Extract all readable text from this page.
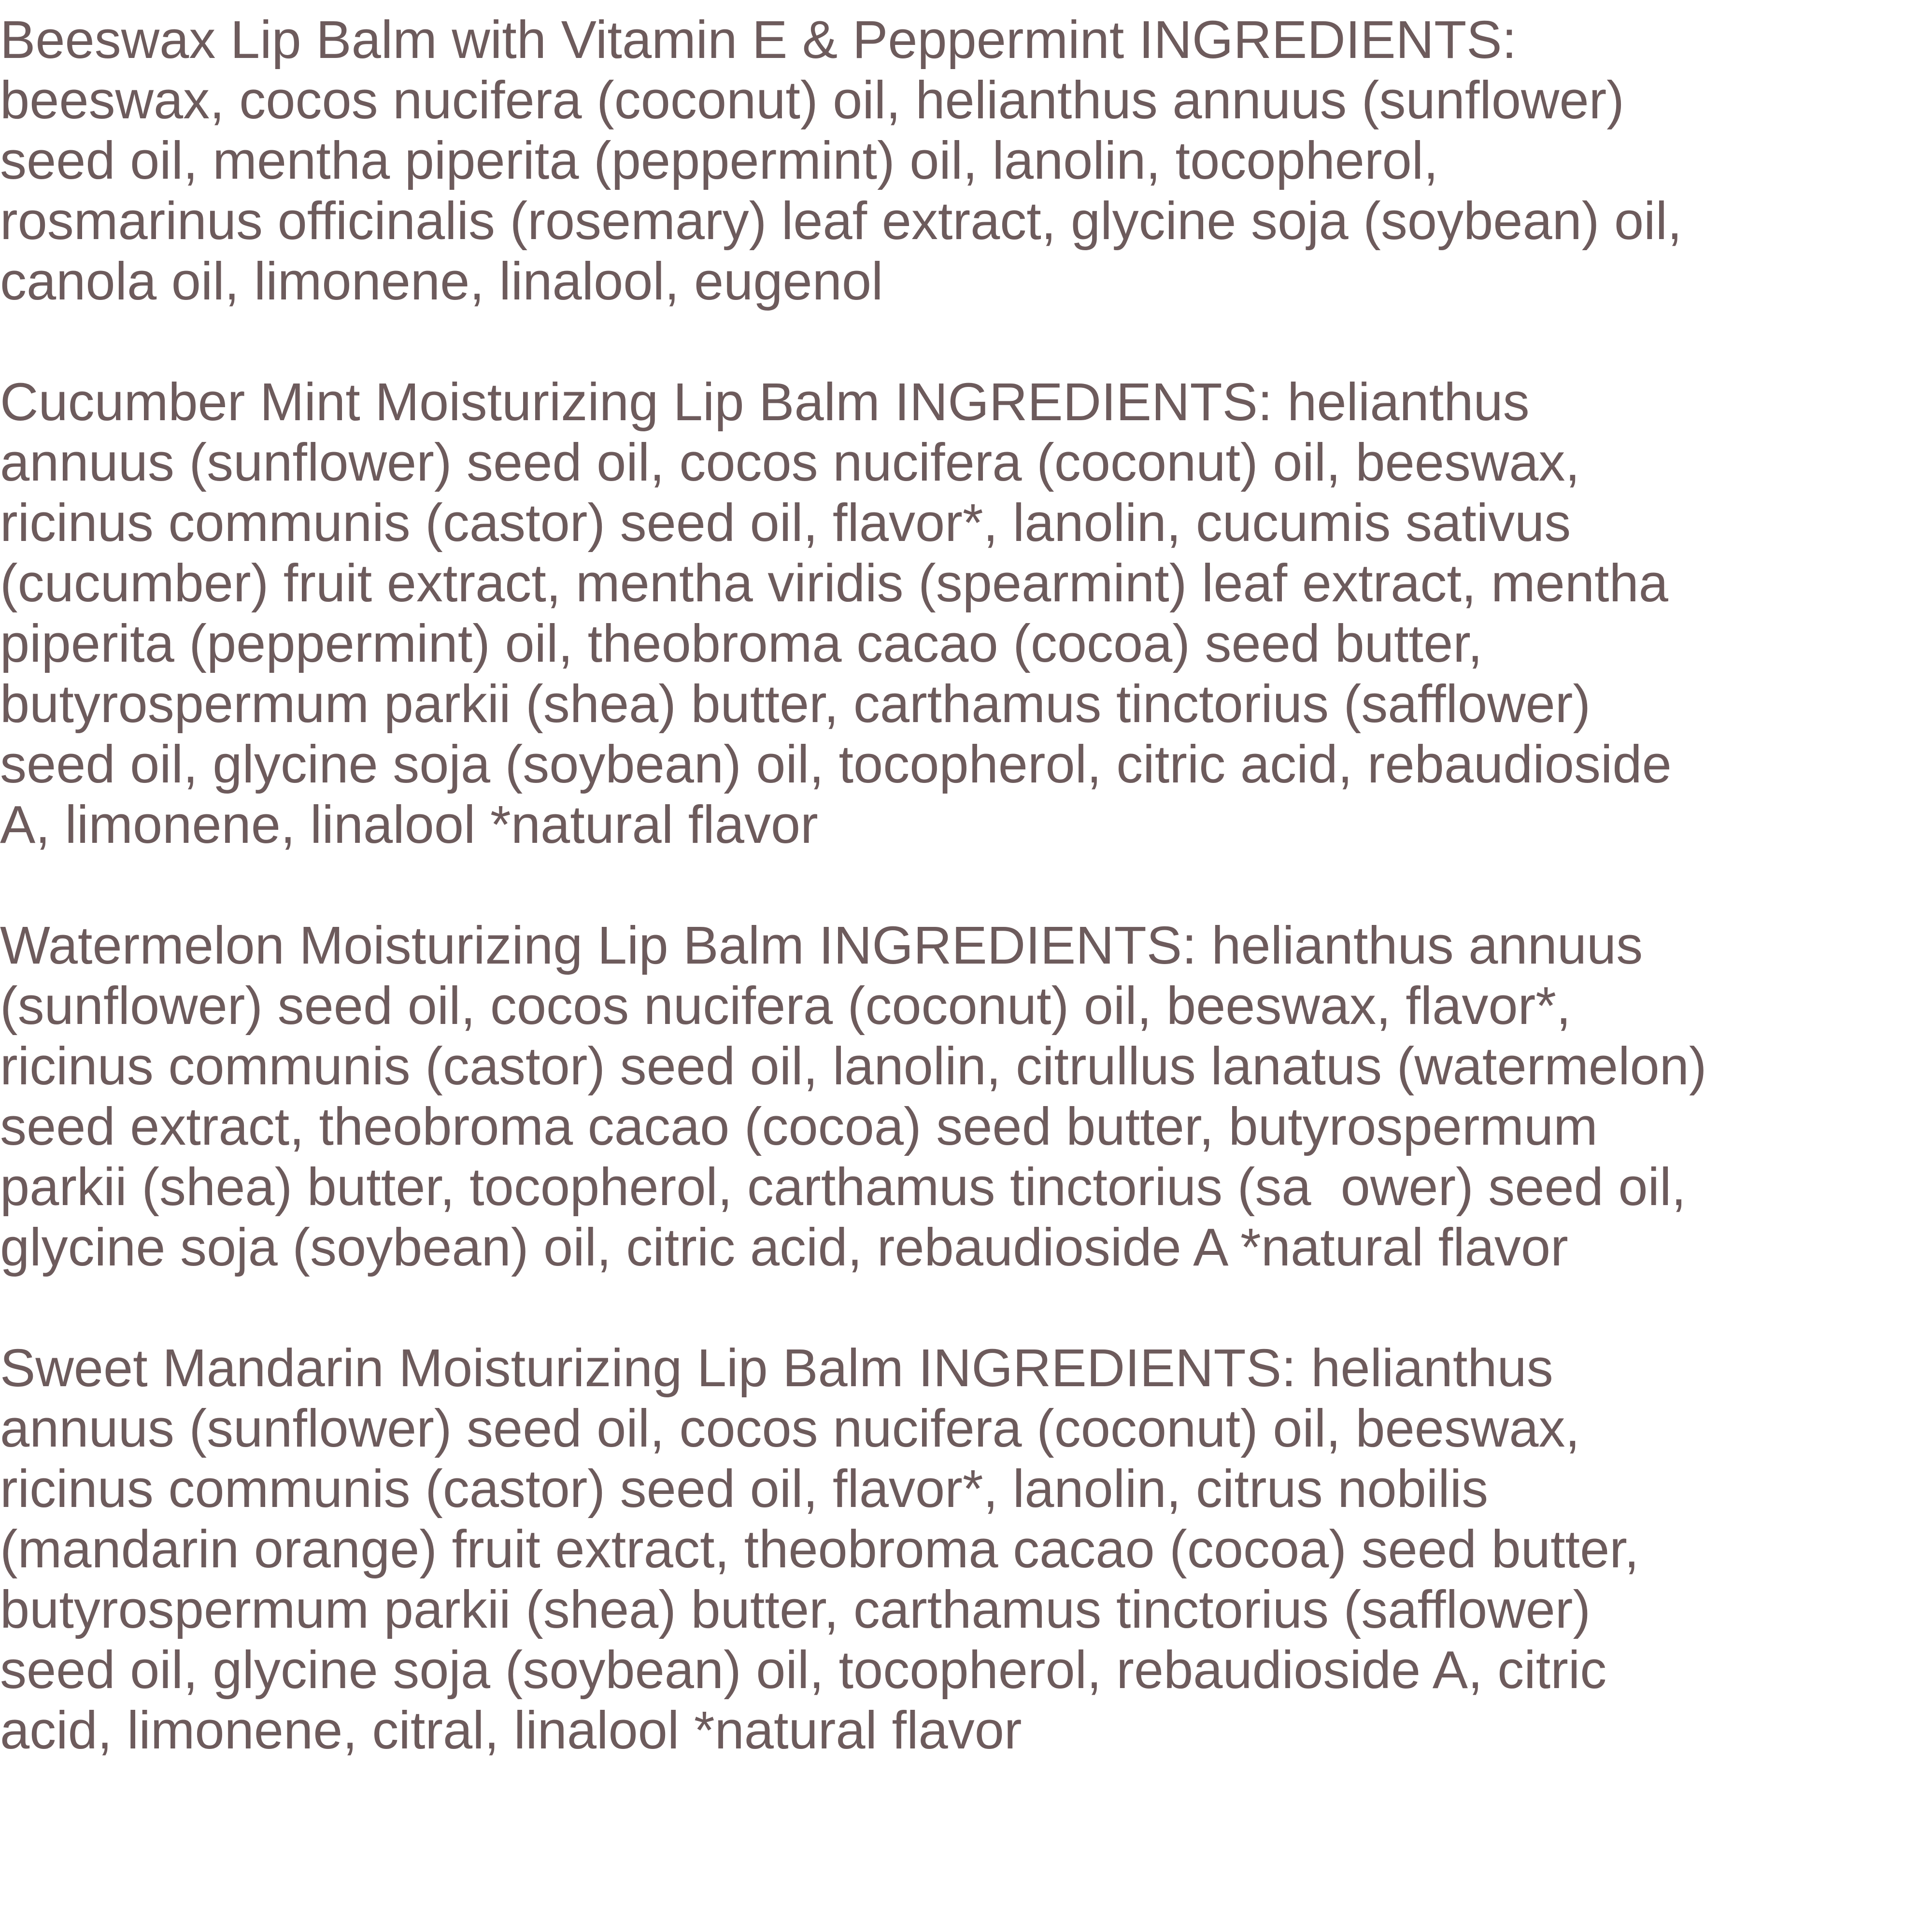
Beeswax Lip Balm with Vitamin E & Peppermint INGREDIENTS:
beeswax, cocos nucifera (coconut) oil, helianthus annuus (sunflower)
seed oil, mentha piperita (peppermint) oil, lanolin, tocopherol,
rosmarinus officinalis (rosemary) leaf extract, glycine soja (soybean) oil,
canola oil, limonene, linalool, eugenol
Cucumber Mint Moisturizing Lip Balm INGREDIENTS: helianthus
annuus (sunflower) seed oil, cocos nucifera (coconut) oil, beeswax,
ricinus communis (castor) seed oil, flavor*, lanolin, cucumis sativus
(cucumber) fruit extract, mentha viridis (spearmint) leaf extract, mentha
piperita (peppermint) oil, theobroma cacao (cocoa) seed butter,
butyrospermum parkii (shea) butter, carthamus tinctorius (safflower)
seed oil, glycine soja (soybean) oil, tocopherol, citric acid, rebaudioside
A, limonene, linalool *natural flavor
Watermelon Moisturizing Lip Balm INGREDIENTS: helianthus annuus
(sunflower) seed oil, cocos nucifera (coconut) oil, beeswax, flavor*,
ricinus communis (castor) seed oil, lanolin, citrullus lanatus (watermelon)
seed extract, theobroma cacao (cocoa) seed butter, butyrospermum
parkii (shea) butter, tocopherol, carthamus tinctorius (sa  ower) seed oil,
glycine soja (soybean) oil, citric acid, rebaudioside A *natural flavor
Sweet Mandarin Moisturizing Lip Balm INGREDIENTS: helianthus
annuus (sunflower) seed oil, cocos nucifera (coconut) oil, beeswax,
ricinus communis (castor) seed oil, flavor*, lanolin, citrus nobilis
(mandarin orange) fruit extract, theobroma cacao (cocoa) seed butter,
butyrospermum parkii (shea) butter, carthamus tinctorius (safflower)
seed oil, glycine soja (soybean) oil, tocopherol, rebaudioside A, citric
acid, limonene, citral, linalool *natural flavor
